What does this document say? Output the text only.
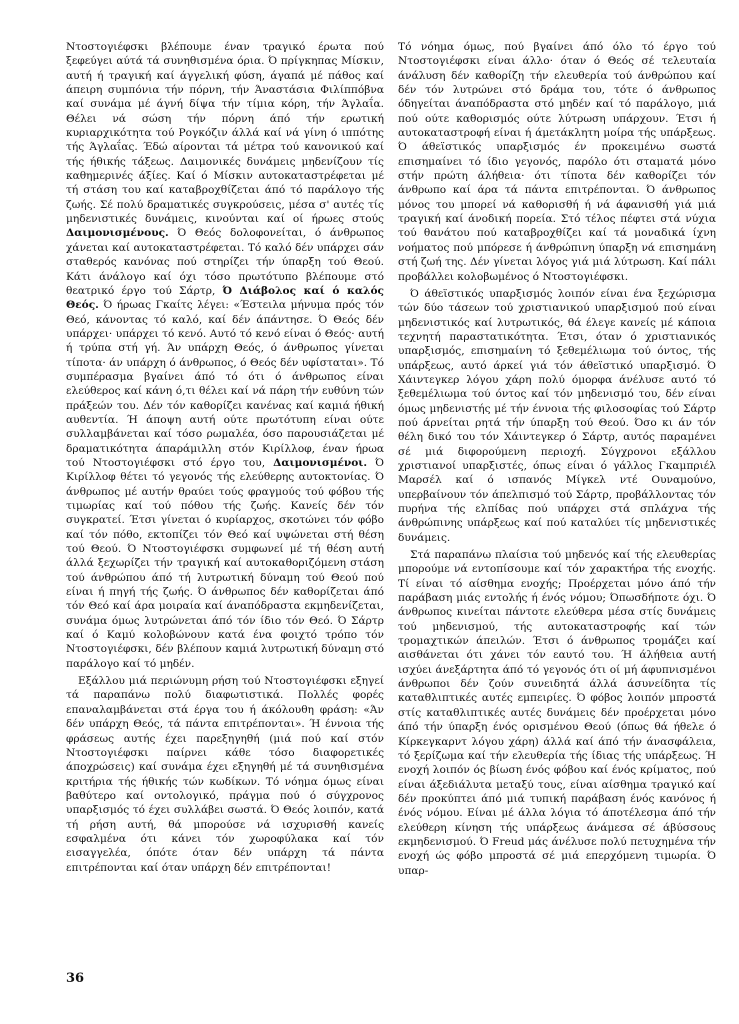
Ντοστογιέφσκι βλέπουμε έναν τραγικό έρωτα πού ξεφεύγει αύτά τά συνηθισμένα όρια. Ό πρίγκηπας Μίσκιν, αυτή ή τραγική καί άγγελική φύση, άγαπά μέ πάθος καί άπειρη συμπόνια τήν πόρνη, τήν Άναστάσια Φιλίππόβνα καί συνάμα μέ άγνή δίψα τήν τίμια κόρη, τήν Άγλαΐα. Θέλει νά σώση τήν πόρνη άπό τήν ερωτική κυριαρχικότητα τού Ρογκόζιν άλλά καί νά γίνη ό ιππότης τής Άγλαΐας. Έδώ αίρονται τά μέτρα τού κανονικού καί τής ήθικής τάξεως. Δαιμονικές δυνάμεις μηδενίζουν τίς καθημερινές άξίες. Καί ό Μίσκιν αυτοκαταστρέφεται μέ τή στάση του καί καταβροχθίζεται άπό τό παράλογο τής ζωής. Σέ πολύ δραματικές συγκρούσεις, μέσα σ' αυτές τίς μηδενιστικές δυνάμεις, κινούνται καί οί ήρωες στούς Δαιμονισμένους. Ό Θεός δολοφονείται, ό άνθρωπος χάνεται καί αυτοκαταστρέφεται. Τό καλό δέν υπάρχει σάν σταθερός κανόνας πού στηρίζει τήν ύπαρξη τού Θεού. Κάτι άνάλογο καί όχι τόσο πρωτότυπο βλέπουμε στό θεατρικό έργο τού Σάρτρ, Ό Διάβολος καί ό καλός Θεός. Ό ήρωας Γκαίτς λέγει: «Έστειλα μήνυμα πρός τόν Θεό, κάνοντας τό καλό, καί δέν άπάντησε. Ό Θεός δέν υπάρχει· υπάρχει τό κενό. Αυτό τό κενό είναι ό Θεός· αυτή ή τρύπα στή γή. Άν υπάρχη Θεός, ό άνθρωπος γίνεται τίποτα· άν υπάρχη ό άνθρωπος, ό Θεός δέν υφίσταται». Τό συμπέρασμα βγαίνει άπό τό ότι ό άνθρωπος είναι ελεύθερος καί κάνη ό,τι θέλει καί νά πάρη τήν ευθύνη τών πράξεών του. Δέν τόν καθορίζει κανένας καί καμιά ήθική αυθεντία. Ή άποψη αυτή ούτε πρωτότυπη είναι ούτε συλλαμβάνεται καί τόσο ρωμαλέα, όσο παρουσιάζεται μέ δραματικότητα άπαράμιλλη στόν Κιρίλλοφ, έναν ήρωα τού Ντοστογιέφσκι στό έργο του, Δαιμονισμένοι. Ό Κιρίλλοφ θέτει τό γεγονός τής ελεύθερης αυτοκτονίας. Ό άνθρωπος μέ αυτήν θραύει τούς φραγμούς τού φόβου τής τιμωρίας καί τού πόθου τής ζωής. Κανείς δέν τόν συγκρατεί. Έτσι γίνεται ό κυρίαρχος, σκοτώνει τόν φόβο καί τόν πόθο, εκτοπίζει τόν Θεό καί υψώνεται στή θέση τού Θεού. Ό Ντοστογιέφσκι συμφωνεί μέ τή θέση αυτή άλλά ξεχωρίζει τήν τραγική καί αυτοκαθοριζόμενη στάση τού άνθρώπου άπό τή λυτρωτική δύναμη τού Θεού πού είναι ή πηγή τής ζωής. Ό άνθρωπος δέν καθορίζεται άπό τόν Θεό καί άρα μοιραία καί άναπόδραστα εκμηδενίζεται, συνάμα όμως λυτρώνεται άπό τόν ίδιο τόν Θεό. Ό Σάρτρ καί ό Καμύ κολοβώνουν κατά ένα φοιχτό τρόπο τόν Ντοστογιέφσκι, δέν βλέπουν καμιά λυτρωτική δύναμη στό παράλογο καί τό μηδέν.

Εξάλλου μιά περιώνυμη ρήση τού Ντοστογιέφσκι εξηγεί τά παραπάνω πολύ διαφωτιστικά. Πολλές φορές επαναλαμβάνεται στά έργα του ή άκόλουθη φράση: «Άν δέν υπάρχη Θεός, τά πάντα επιτρέπονται». Ή έννοια τής φράσεως αυτής έχει παρεξηγηθή (μιά πού καί στόν Ντοστογιέφσκι παίρνει κάθε τόσο διαφορετικές άποχρώσεις) καί συνάμα έχει εξηγηθή μέ τά συνηθισμένα κριτήρια τής ήθικής τών κωδίκων. Τό νόημα όμως είναι βαθύτερο καί οντολογικό, πράγμα πού ό σύγχρονος υπαρξισμός τό έχει συλλάβει σωστά. Ό Θεός λοιπόν, κατά τή ρήση αυτή, θά μπορούσε νά ισχυρισθή κανείς εσφαλμένα ότι κάνει τόν χωροφύλακα καί τόν εισαγγελέα, όπότε όταν δέν υπάρχη τά πάντα επιτρέπονται καί όταν υπάρχη δέν επιτρέπονται!

Τό νόημα όμως, πού βγαίνει άπό όλο τό έργο τού Ντοστογιέφσκι είναι άλλο· όταν ό Θεός σέ τελευταία άνάλυση δέν καθορίζη τήν ελευθερία τού άνθρώπου καί δέν τόν λυτρώνει στό δράμα του, τότε ό άνθρωπος όδηγείται άναπόδραστα στό μηδέν καί τό παράλογο, μιά πού ούτε καθορισμός ούτε λύτρωση υπάρχουν. Έτσι ή αυτοκαταστροφή είναι ή άμετάκλητη μοίρα τής υπάρξεως. Ό άθεϊστικός υπαρξισμός έν προκειμένω σωστά επισημαίνει τό ίδιο γεγονός, παρόλο ότι σταματά μόνο στήν πρώτη άλήθεια· ότι τίποτα δέν καθορίζει τόν άνθρωπο καί άρα τά πάντα επιτρέπονται. Ό άνθρωπος μόνος του μπορεί νά καθορισθή ή νά άφανισθή γιά μιά τραγική καί άνοδική πορεία. Στό τέλος πέφτει στά νύχια τού θανάτου πού καταβροχθίζει καί τά μοναδικά ίχνη νοήματος πού μπόρεσε ή άνθρώπινη ύπαρξη νά επισημάνη στή ζωή της. Δέν γίνεται λόγος γιά μιά λύτρωση. Καί πάλι προβάλλει κολοβωμένος ό Ντοστογιέφσκι.

Ό άθεϊστικός υπαρξισμός λοιπόν είναι ένα ξεχώρισμα τών δύο τάσεων τού χριστιανικού υπαρξισμού πού είναι μηδενιστικός καί λυτρωτικός, θά έλεγε κανείς μέ κάποια τεχνητή παραστατικότητα. Έτσι, όταν ό χριστιανικός υπαρξισμός, επισημαίνη τό ξεθεμέλιωμα τού όντος, τής υπάρξεως, αυτό άρκεί γιά τόν άθεϊστικό υπαρξισμό. Ό Χάιντεγκερ λόγου χάρη πολύ όμορφα άνέλυσε αυτό τό ξεθεμέλιωμα τού όντος καί τόν μηδενισμό του, δέν είναι όμως μηδενιστής μέ τήν έννοια τής φιλοσοφίας τού Σάρτρ πού άρνείται ρητά τήν ύπαρξη τού Θεού. Όσο κι άν τόν θέλη δικό του τόν Χάιντεγκερ ό Σάρτρ, αυτός παραμένει σέ μιά διφορούμενη περιοχή. Σύγχρονοι εξάλλου χριστιανοί υπαρξιστές, όπως είναι ό γάλλος Γκαμπριέλ Μαρσέλ καί ό ισπανός Μίγκελ ντέ Ουναμούνο, υπερβαίνουν τόν άπελπισμό τού Σάρτρ, προβάλλοντας τόν πυρήνα τής ελπίδας πού υπάρχει στά σπλάχνα τής άνθρώπινης υπάρξεως καί πού καταλύει τίς μηδενιστικές δυνάμεις.

Στά παραπάνω πλαίσια τού μηδενός καί τής ελευθερίας μπορούμε νά εντοπίσουμε καί τόν χαρακτήρα τής ενοχής. Τί είναι τό αίσθημα ενοχής; Προέρχεται μόνο άπό τήν παράβαση μιάς εντολής ή ένός νόμου; Όπωσδήποτε όχι. Ό άνθρωπος κινείται πάντοτε ελεύθερα μέσα στίς δυνάμεις τού μηδενισμού, τής αυτοκαταστροφής καί τών τρομαχτικών άπειλών. Έτσι ό άνθρωπος τρομάζει καί αισθάνεται ότι χάνει τόν εαυτό του. Ή άλήθεια αυτή ισχύει άνεξάρτητα άπό τό γεγονός ότι οί μή άφυπνισμένοι άνθρωποι δέν ζούν συνειδητά άλλά άσυνείδητα τίς καταθλιπτικές αυτές εμπειρίες. Ό φόβος λοιπόν μπροστά στίς καταθλιπτικές αυτές δυνάμεις δέν προέρχεται μόνο άπό τήν ύπαρξη ένός ορισμένου Θεού (όπως θά ήθελε ό Κίρκεγκαρντ λόγου χάρη) άλλά καί άπό τήν άνασφάλεια, τό ξερίζωμα καί τήν ελευθερία τής ίδιας τής υπάρξεως. Ή ενοχή λοιπόν ός βίωση ένός φόβου καί ένός κρίματος, πού είναι άξεδιάλυτα μεταξύ τους, είναι αίσθημα τραγικό καί δέν προκύπτει άπό μιά τυπική παράβαση ένός κανόνος ή ένός νόμου. Είναι μέ άλλα λόγια τό άποτέλεσμα άπό τήν ελεύθερη κίνηση τής υπάρξεως άνάμεσα σέ άβύσσους εκμηδενισμού. Ό Freud μάς άνέλυσε πολύ πετυχημένα τήν ενοχή ώς φόβο μπροστά σέ μιά επερχόμενη τιμωρία. Ό υπαρ-

36
